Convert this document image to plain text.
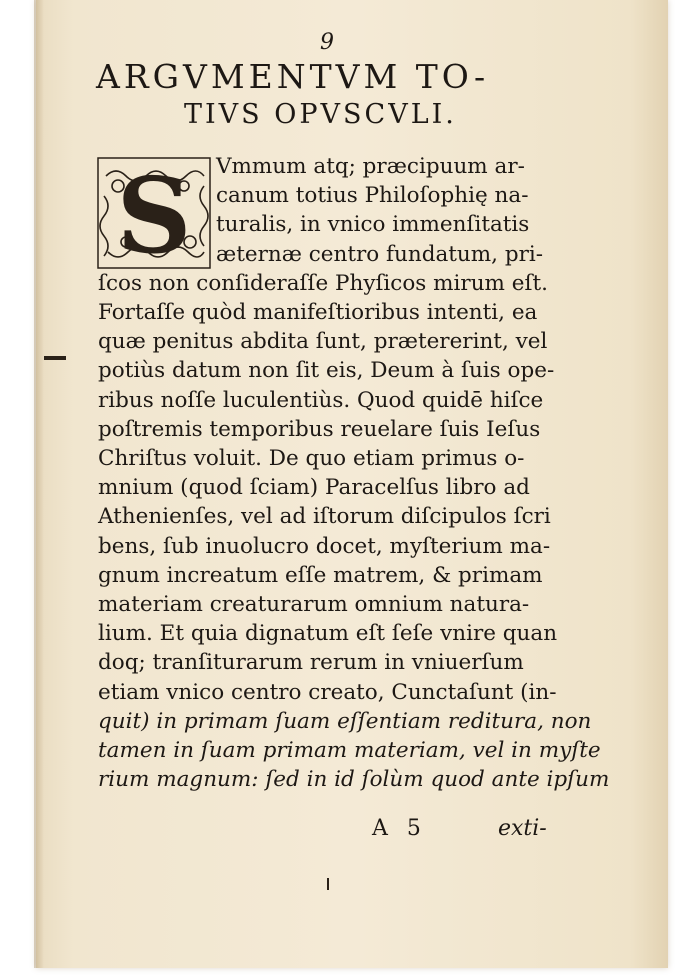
9
ARGVMENTVM TO-
TIVS OPVSCVLI.
S	Vmmum atq; præcipuum ar-
canum totius Philoſophię na-
turalis, in vnico immenſitatis
æternæ centro fundatum, pri-
ſcos non conſideraſſe Phyſicos mirum eſt.
Fortaſſe quòd manifeſtioribus intenti, ea
quæ penitus abdita ſunt, prætererint, vel
potiùs datum non ſit eis, Deum à ſuis ope-
ribus noſſe luculentiùs. Quod quidē hiſce
poſtremis temporibus reuelare ſuis Ieſus
Chriſtus voluit. De quo etiam primus o-
mnium (quod ſciam) Paracelſus libro ad
Athenienſes, vel ad iſtorum diſcipulos ſcri
bens, ſub inuolucro docet, myſterium ma-
gnum increatum eſſe matrem, & primam
materiam creaturarum omnium natura-
lium. Et quia dignatum eſt ſeſe vnire quan
doq; tranſiturarum rerum in vniuerſum
etiam vnico centro creato, Cunctaſunt (in-
quit) in primam ſuam eſſentiam reditura, non
tamen in ſuam primam materiam, vel in myſte
rium magnum: ſed in id ſolùm quod ante ipſum
A 5	exti-
